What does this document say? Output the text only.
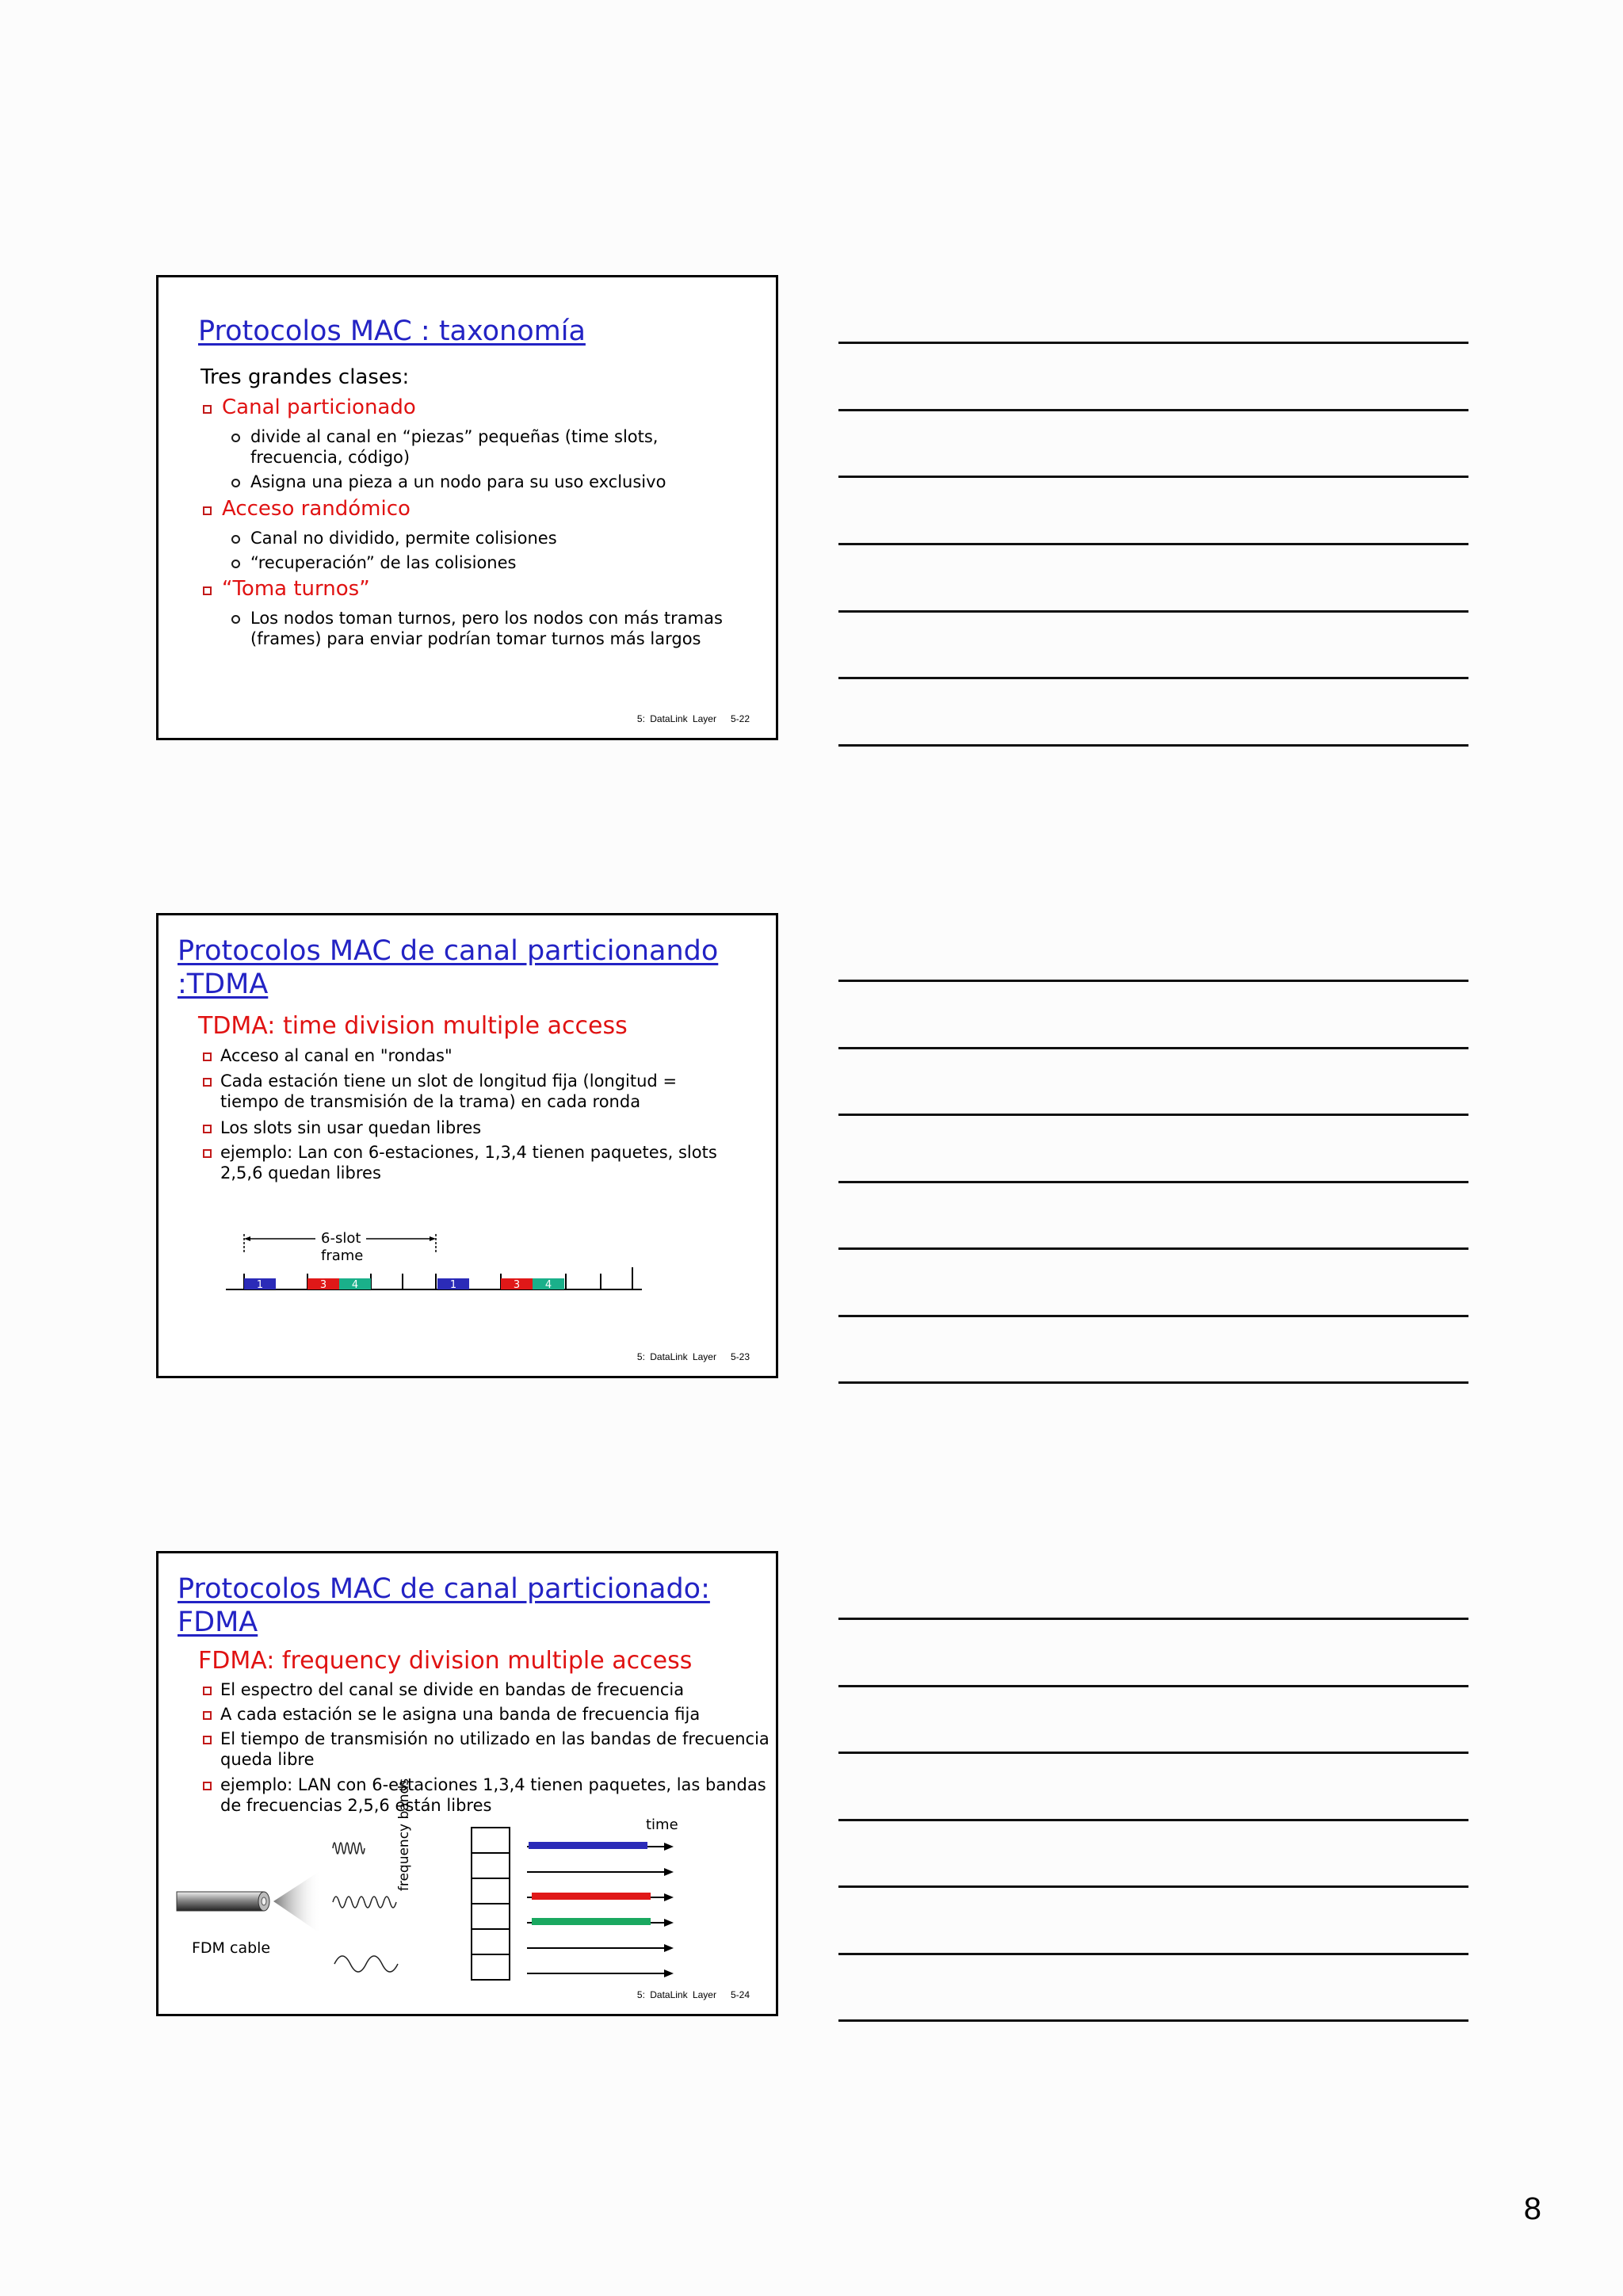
Protocolos MAC : taxonomía
Tres grandes clases:
Canal particionado
divide al canal en “piezas” pequeñas (time slots,
frecuencia, código)
Asigna una pieza a un nodo para su uso exclusivo
Acceso randómico
Canal no dividido, permite colisiones
“recuperación” de las colisiones
“Toma turnos”
Los nodos toman turnos, pero los nodos con más tramas
(frames) para enviar podrían tomar turnos más largos
5: DataLink Layer 5-22
Protocolos MAC de canal particionando
:TDMA
TDMA: time division multiple access
Acceso al canal en "rondas"
Cada estación tiene un slot de longitud fija (longitud =
tiempo de transmisión de la trama) en cada ronda
Los slots sin usar quedan libres
ejemplo: Lan con 6-estaciones, 1,3,4 tienen paquetes, slots
2,5,6 quedan libres
6-slot
frame
1	3 4	1	3 4
5: DataLink Layer 5-23
Protocolos MAC de canal particionado:
FDMA
FDMA: frequency division multiple access
El espectro del canal se divide en bandas de frecuencia
A cada estación se le asigna una banda de frecuencia fija
El tiempo de transmisión no utilizado en las bandas de frecuencia
queda libre
ejemplo: LAN con 6-estaciones 1,3,4 tienen paquetes, las bandas
de frecuencias 2,5,6 están libres
time
frequency bands
FDM cable
5: DataLink Layer 5-24
8
